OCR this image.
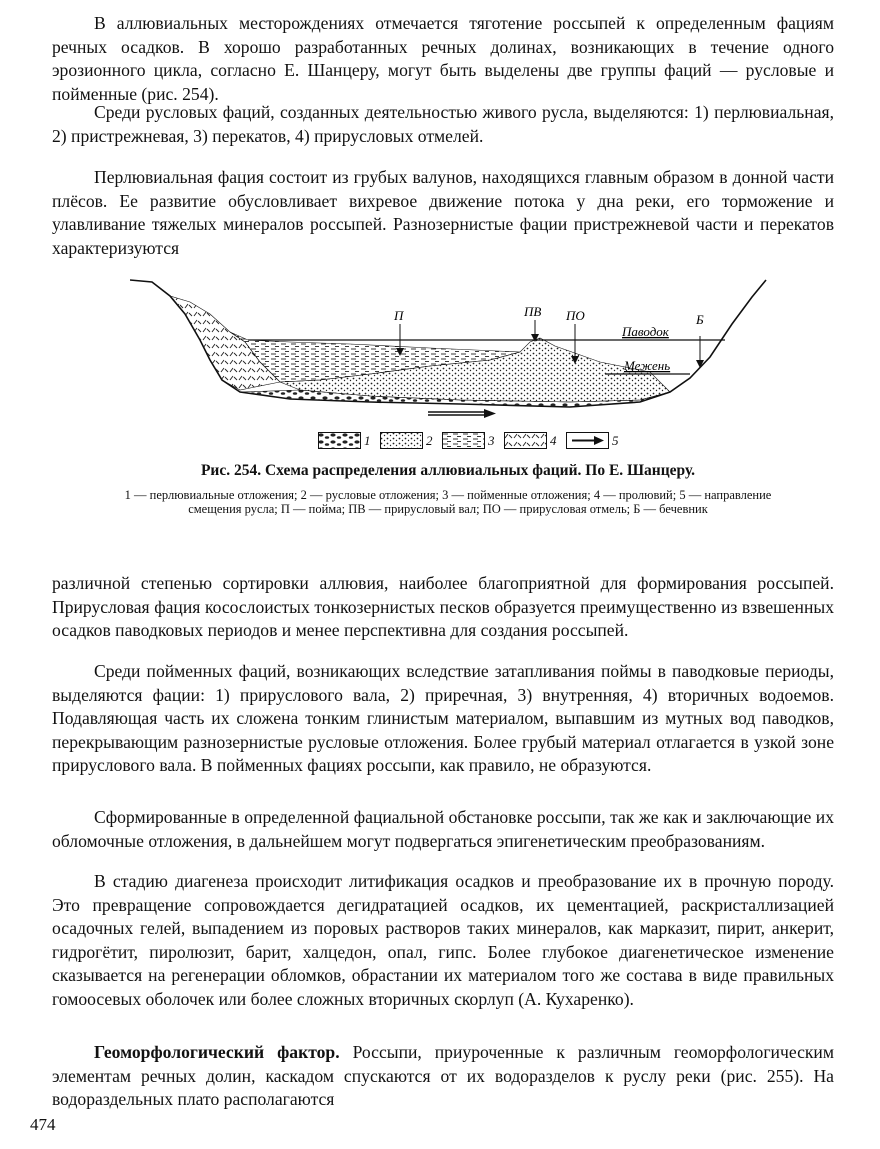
В аллювиальных месторождениях отмечается тяготение россыпей к определенным фациям речных осадков. В хорошо разработанных речных долинах, возникающих в течение одного эрозионного цикла, согласно Е. Шанцеру, могут быть выделены две группы фаций — русловые и пойменные (рис. 254).

Среди русловых фаций, созданных деятельностью живого русла, выделяются: 1) перлювиальная, 2) пристрежневая, 3) перекатов, 4) прирусловых отмелей.

Перлювиальная фация состоит из грубых валунов, находящихся главным образом в донной части плёсов. Ее развитие обусловливает вихревое движение потока у дна реки, его торможение и улавливание тяжелых минералов россыпей. Разнозернистые фации пристрежневой части и перекатов характеризуются

П	ПВ ПО	Б
Паводок
Межень
1	2	3	4	5

Рис. 254. Схема распределения аллювиальных фаций. По Е. Шанцеру.

1 — перлювиальные отложения; 2 — русловые отложения; 3 — пойменные отложения; 4 — пролювий; 5 — направление смещения русла; П — пойма; ПВ — прирусловый вал; ПО — прирусловая отмель; Б — бечевник

различной степенью сортировки аллювия, наиболее благоприятной для формирования россыпей. Прирусловая фация косослоистых тонкозернистых песков образуется преимущественно из взвешенных осадков паводковых периодов и менее перспективна для создания россыпей.

Среди пойменных фаций, возникающих вследствие затапливания поймы в паводковые периоды, выделяются фации: 1) прируслового вала, 2) приречная, 3) внутренняя, 4) вторичных водоемов. Подавляющая часть их сложена тонким глинистым материалом, выпавшим из мутных вод паводков, перекрывающим разнозернистые русловые отложения. Более грубый материал отлагается в узкой зоне прируслового вала. В пойменных фациях россыпи, как правило, не образуются.

Сформированные в определенной фациальной обстановке россыпи, так же как и заключающие их обломочные отложения, в дальнейшем могут подвергаться эпигенетическим преобразованиям.

В стадию диагенеза происходит литификация осадков и преобразование их в прочную породу. Это превращение сопровождается дегидратацией осадков, их цементацией, раскристаллизацией осадочных гелей, выпадением из поровых растворов таких минералов, как марказит, пирит, анкерит, гидрогётит, пиролюзит, барит, халцедон, опал, гипс. Более глубокое диагенетическое изменение сказывается на регенерации обломков, обрастании их материалом того же состава в виде правильных гомоосевых оболочек или более сложных вторичных скорлуп (А. Кухаренко).

Геоморфологический фактор. Россыпи, приуроченные к различным геоморфологическим элементам речных долин, каскадом спускаются от их водоразделов к руслу реки (рис. 255). На водораздельных плато располагаются

474
